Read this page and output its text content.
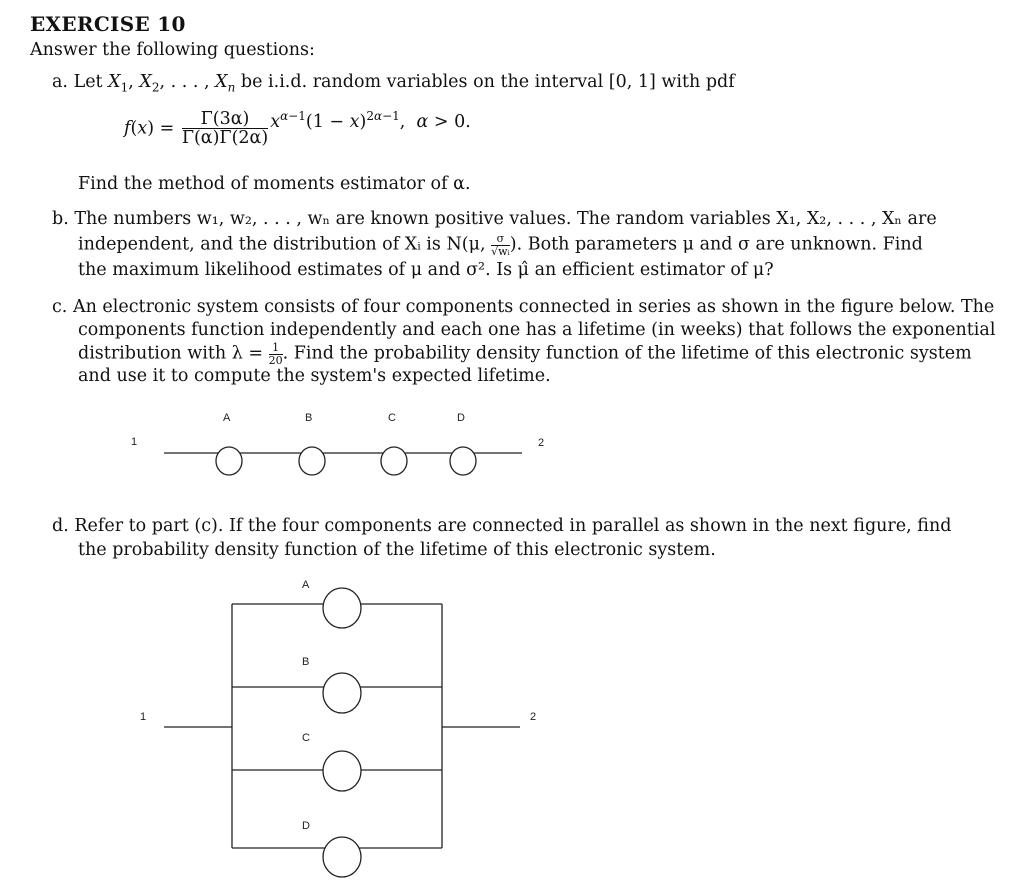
EXERCISE 10
Answer the following questions:
a. Let $X_1$, $X_2$, . . . , $X_n$ be i.i.d. random variables on the interval [0, 1] with pdf
$f(x) = \frac{\Gamma(3\alpha)}{\Gamma(\alpha)\Gamma(2\alpha)} x^{\alpha-1}(1 - x)^{2\alpha-1}$,  α > 0.
Find the method of moments estimator of α.
b. The numbers w₁, w₂, . . . , wₙ are known positive values. The random variables X₁, X₂, . . . , Xₙ are
independent, and the distribution of Xᵢ is N(μ, $\frac{\sigma}{\text{√wᵢ}}$ ). Both parameters μ and σ are unknown. Find
the maximum likelihood estimates of μ and σ². Is μ̂ an efficient estimator of μ?
c. An electronic system consists of four components connected in series as shown in the figure below. The
components function independently and each one has a lifetime (in weeks) that follows the exponential
distribution with $\lambda = \frac{1}{20}$ . Find the probability density function of the lifetime of this electronic system
and use it to compute the system's expected lifetime.
1	2
A	B	C	D
d. Refer to part (c). If the four components are connected in parallel as shown in the next figure, find
the probability density function of the lifetime of this electronic system.
1	2
A
B
C
D
